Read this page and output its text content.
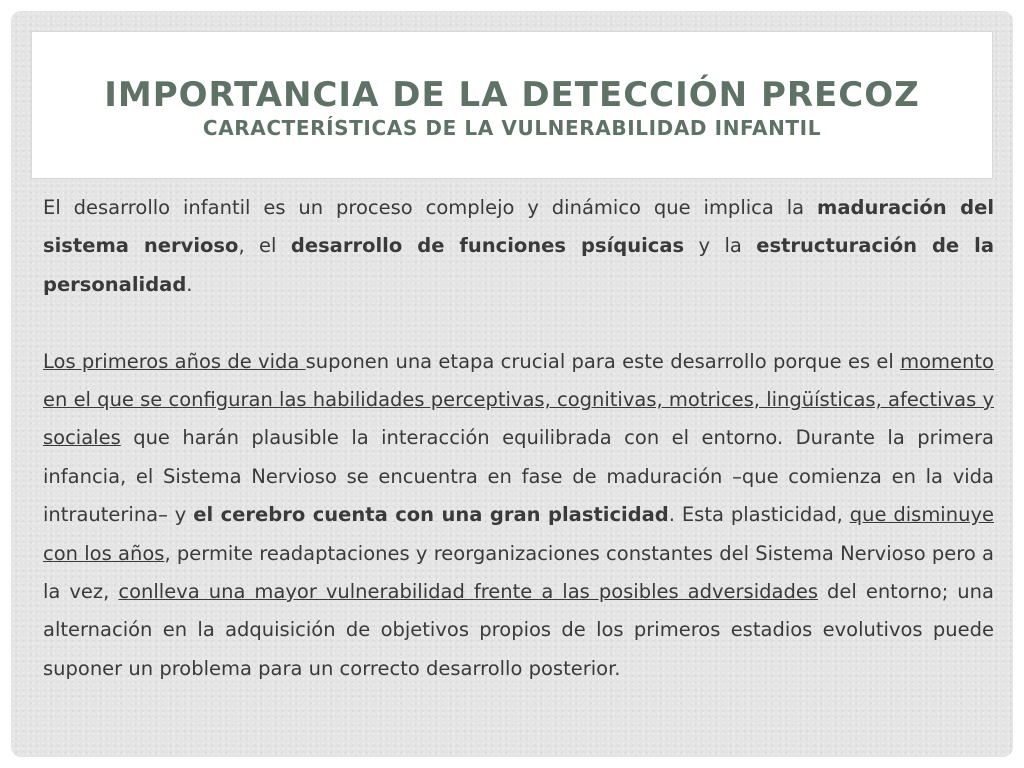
IMPORTANCIA DE LA DETECCIÓN PRECOZ
CARACTERÍSTICAS DE LA VULNERABILIDAD INFANTIL

El desarrollo infantil es un proceso complejo y dinámico que implica la maduración del sistema nervioso, el desarrollo de funciones psíquicas y la estructuración de la personalidad.

Los primeros años de vida suponen una etapa crucial para este desarrollo porque es el momento en el que se configuran las habilidades perceptivas, cognitivas, motrices, lingüísticas, afectivas y sociales que harán plausible la interacción equilibrada con el entorno. Durante la primera infancia, el Sistema Nervioso se encuentra en fase de maduración –que comienza en la vida intrauterina– y el cerebro cuenta con una gran plasticidad. Esta plasticidad, que disminuye con los años, permite readaptaciones y reorganizaciones constantes del Sistema Nervioso pero a la vez, conlleva una mayor vulnerabilidad frente a las posibles adversidades del entorno; una alternación en la adquisición de objetivos propios de los primeros estadios evolutivos puede suponer un problema para un correcto desarrollo posterior.
